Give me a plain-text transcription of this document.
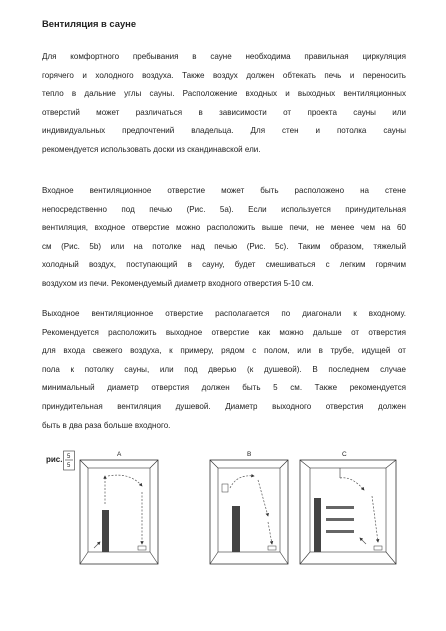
Вентиляция в сауне
Для комфортного пребывания в сауне необходима правильная циркуляция
горячего и холодного воздуха. Также воздух должен обтекать печь и переносить
тепло в дальние углы сауны. Расположение входных и выходных вентиляционных
отверстий может различаться в зависимости от проекта сауны или
индивидуальных предпочтений владельца. Для стен и потолка сауны
рекомендуется использовать доски из скандинавской ели.
Входное вентиляционное отверстие может быть расположено на стене
непосредственно под печью (Рис. 5а). Если используется принудительная
вентиляция, входное отверстие можно расположить выше печи, не менее чем на 60
см (Рис. 5b) или на потолке над печью (Рис. 5c). Таким образом, тяжелый
холодный воздух, поступающий в сауну, будет смешиваться с легким горячим
воздухом из печи. Рекомендуемый диаметр входного отверстия 5-10 см.
Выходное вентиляционное отверстие располагается по диагонали к входному.
Рекомендуется расположить выходное отверстие как можно дальше от отверстия
для входа свежего воздуха, к примеру, рядом с полом, или в трубе, идущей от
пола к потолку сауны, или под дверью (к душевой). В последнем случае
минимальный диаметр отверстия должен быть 5 см. Также рекомендуется
принудительная вентиляция душевой. Диаметр выходного отверстия должен
быть в два раза больше входного.
рис. 5
5
A	B	C
